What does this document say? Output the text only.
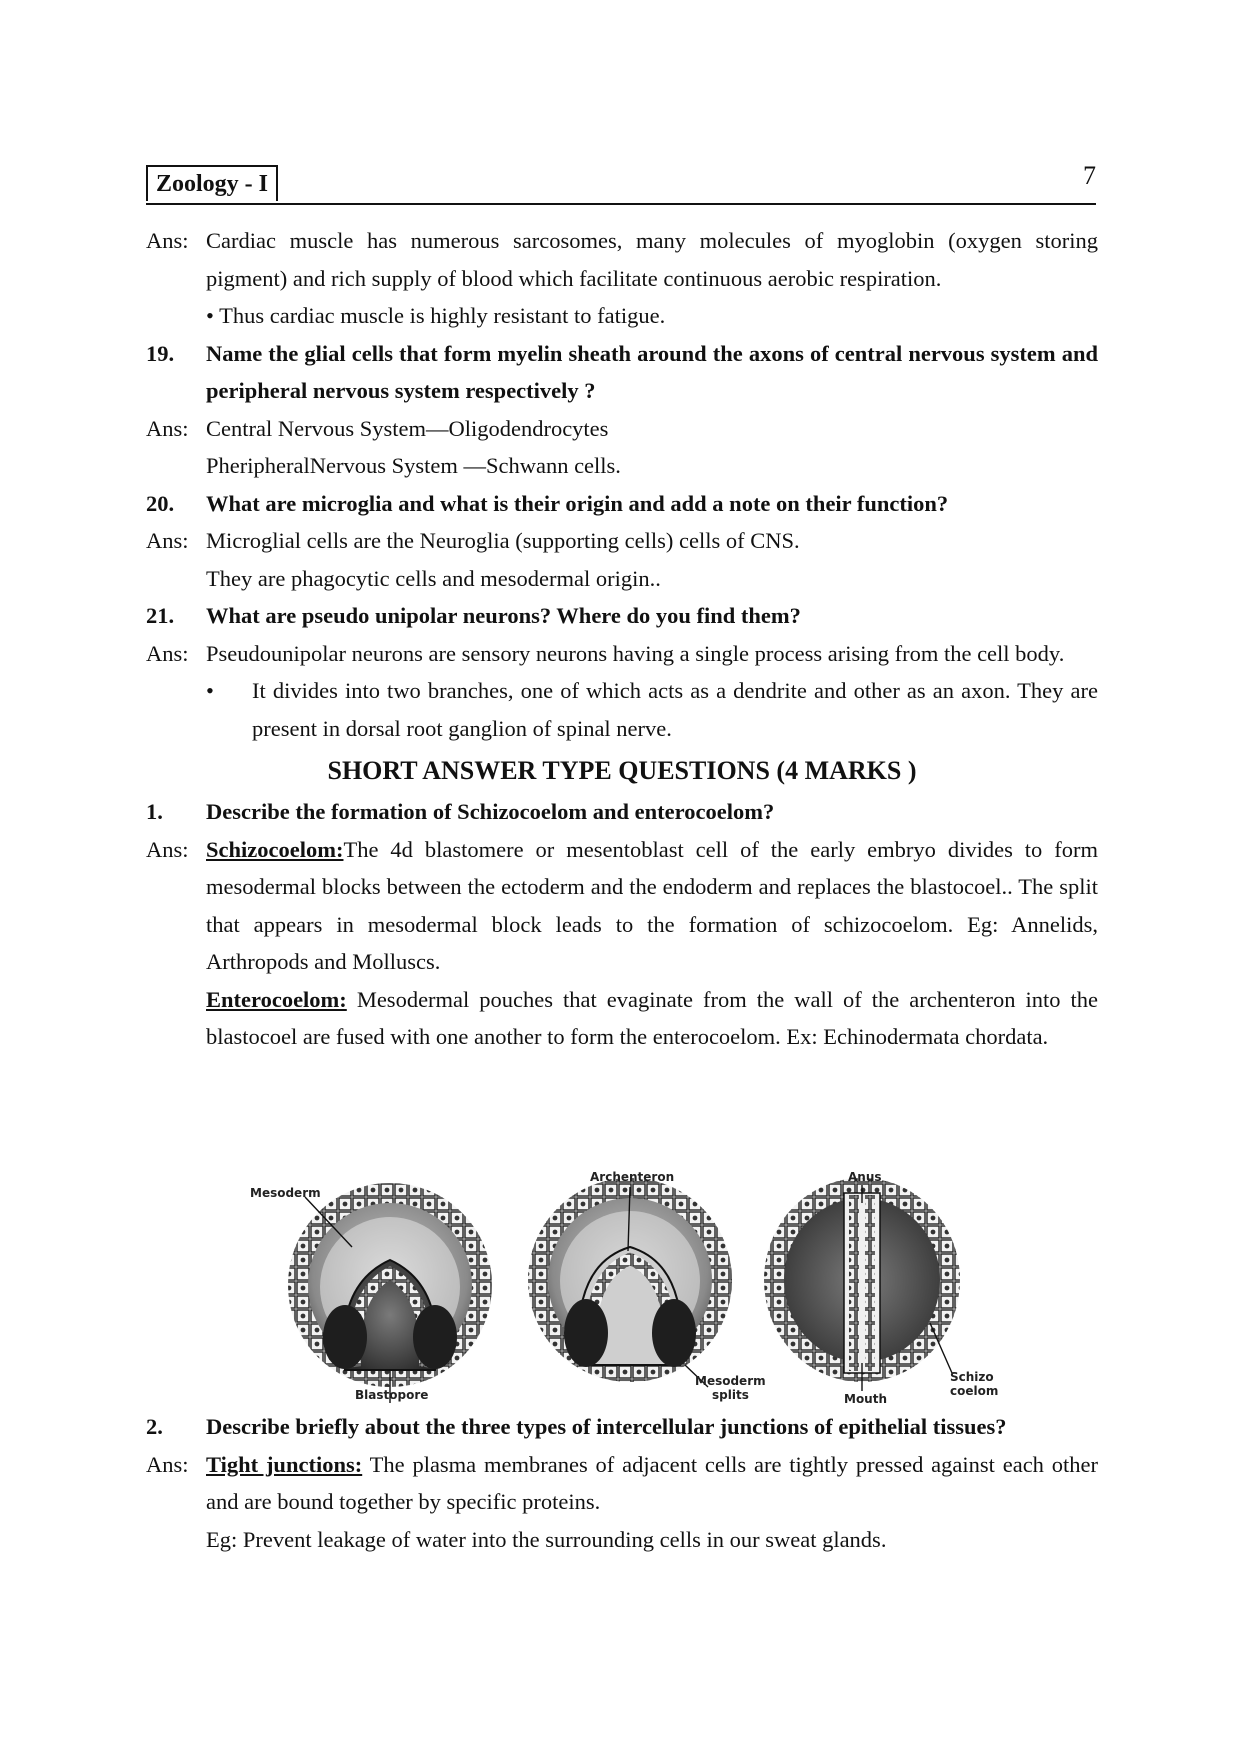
Zoology - I	7
Ans: Cardiac muscle has numerous sarcosomes, many molecules of myoglobin (oxygen storing pigment) and rich supply of blood which facilitate continuous aerobic respiration.
• Thus cardiac muscle is highly resistant to fatigue.
19. Name the glial cells that form myelin sheath around the axons of central nervous system and peripheral nervous system respectively ?
Ans: Central Nervous System—Oligodendrocytes
PheripheralNervous System —Schwann cells.
20. What are microglia and what is their origin and add a note on their function?
Ans: Microglial cells are the Neuroglia (supporting cells) cells of CNS.
They are phagocytic cells and mesodermal origin..
21. What are pseudo unipolar neurons? Where do you find them?
Ans: Pseudounipolar neurons are sensory neurons having a single process arising from the cell body.
• It divides into two branches, one of which acts as a dendrite and other as an axon. They are present in dorsal root ganglion of spinal nerve.
SHORT ANSWER TYPE QUESTIONS (4 MARKS )
1. Describe the formation of Schizocoelom and enterocoelom?
Ans: Schizocoelom:The 4d blastomere or mesentoblast cell of the early embryo divides to form mesodermal blocks between the ectoderm and the endoderm and replaces the blastocoel.. The split that appears in mesodermal block leads to the formation of schizocoelom. Eg: Annelids, Arthropods and Molluscs.
Enterocoelom: Mesodermal pouches that evaginate from the wall of the archenteron into the blastocoel are fused with one another to form the enterocoelom. Ex: Echinodermata chordata.
Mesoderm
Blastopore
Archenteron
Mesoderm
splits
Anus
Mouth
Schizo
coelom
2. Describe briefly about the three types of intercellular junctions of epithelial tissues?
Ans: Tight junctions: The plasma membranes of adjacent cells are tightly pressed against each other and are bound together by specific proteins.
Eg: Prevent leakage of water into the surrounding cells in our sweat glands.
